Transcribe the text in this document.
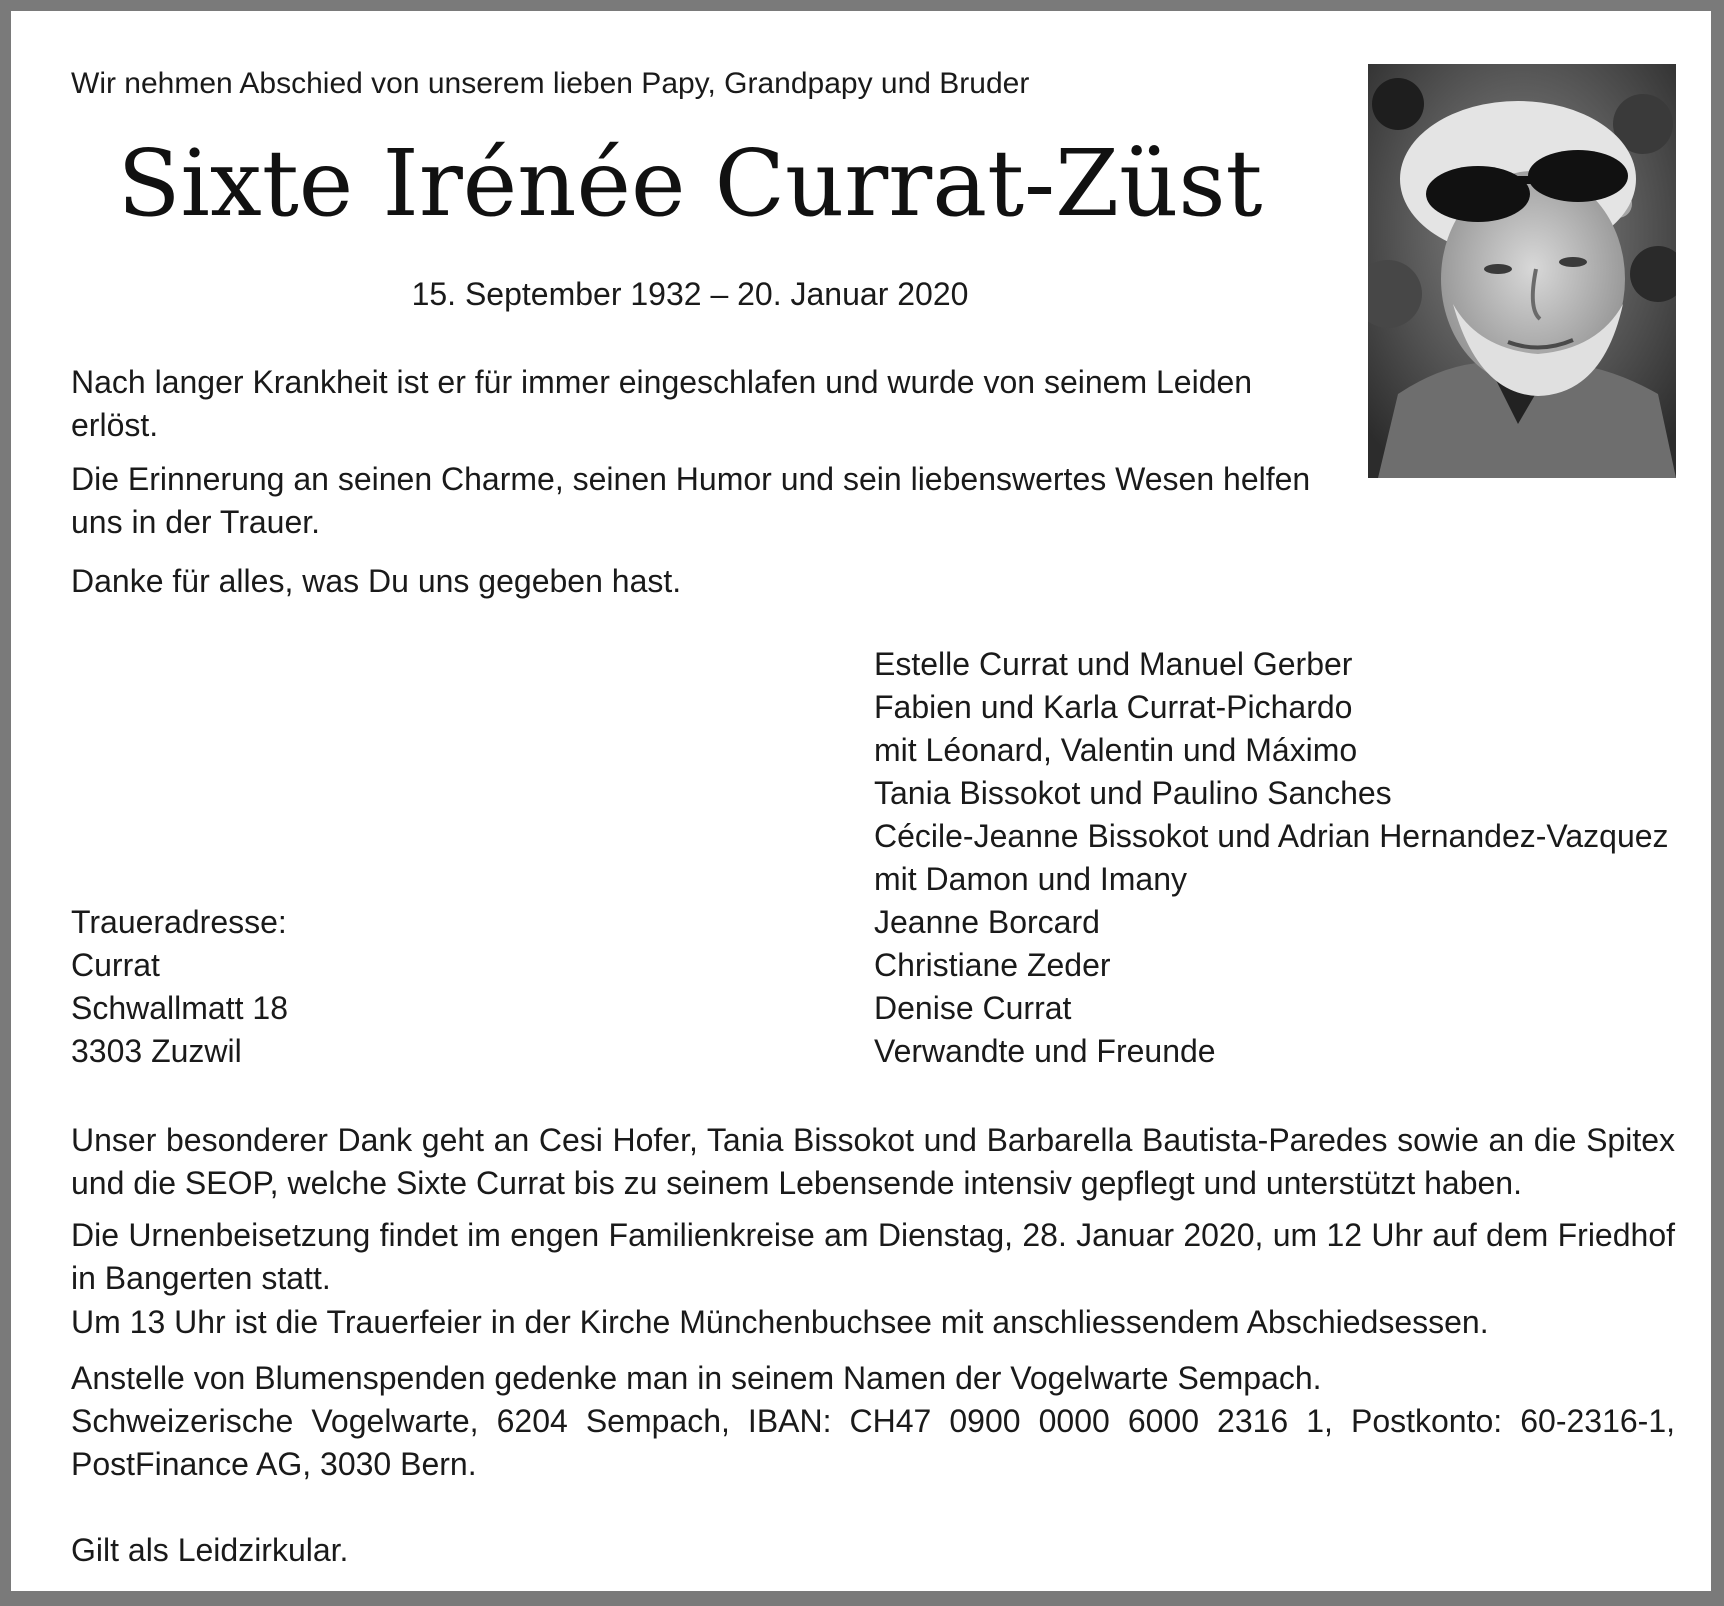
Wir nehmen Abschied von unserem lieben Papy, Grandpapy und Bruder

Sixte Irénée Currat-Züst
15. September 1932 – 20. Januar 2020

Nach langer Krankheit ist er für immer eingeschlafen und wurde von seinem Leiden erlöst.

Die Erinnerung an seinen Charme, seinen Humor und sein liebenswertes Wesen helfen uns in der Trauer.

Danke für alles, was Du uns gegeben hast.

Estelle Currat und Manuel Gerber
Fabien und Karla Currat-Pichardo
mit Léonard, Valentin und Máximo
Tania Bissokot und Paulino Sanches
Cécile-Jeanne Bissokot und Adrian Hernandez-Vazquez
mit Damon und Imany
Jeanne Borcard
Christiane Zeder
Denise Currat
Verwandte und Freunde
Traueradresse:
Currat
Schwallmatt 18
3303 Zuzwil

Unser besonderer Dank geht an Cesi Hofer, Tania Bissokot und Barbarella Bautista-Paredes sowie an die Spitex und die SEOP, welche Sixte Currat bis zu seinem Lebensende intensiv gepflegt und unterstützt haben.

Die Urnenbeisetzung findet im engen Familienkreise am Dienstag, 28. Januar 2020, um 12 Uhr auf dem Friedhof in Bangerten statt.

Um 13 Uhr ist die Trauerfeier in der Kirche Münchenbuchsee mit anschliessendem Abschiedsessen.

Anstelle von Blumenspenden gedenke man in seinem Namen der Vogelwarte Sempach.

Schweizerische Vogelwarte, 6204 Sempach, IBAN: CH47 0900 0000 6000 2316 1, Postkonto: 60-2316-1, PostFinance AG, 3030 Bern.

Gilt als Leidzirkular.
